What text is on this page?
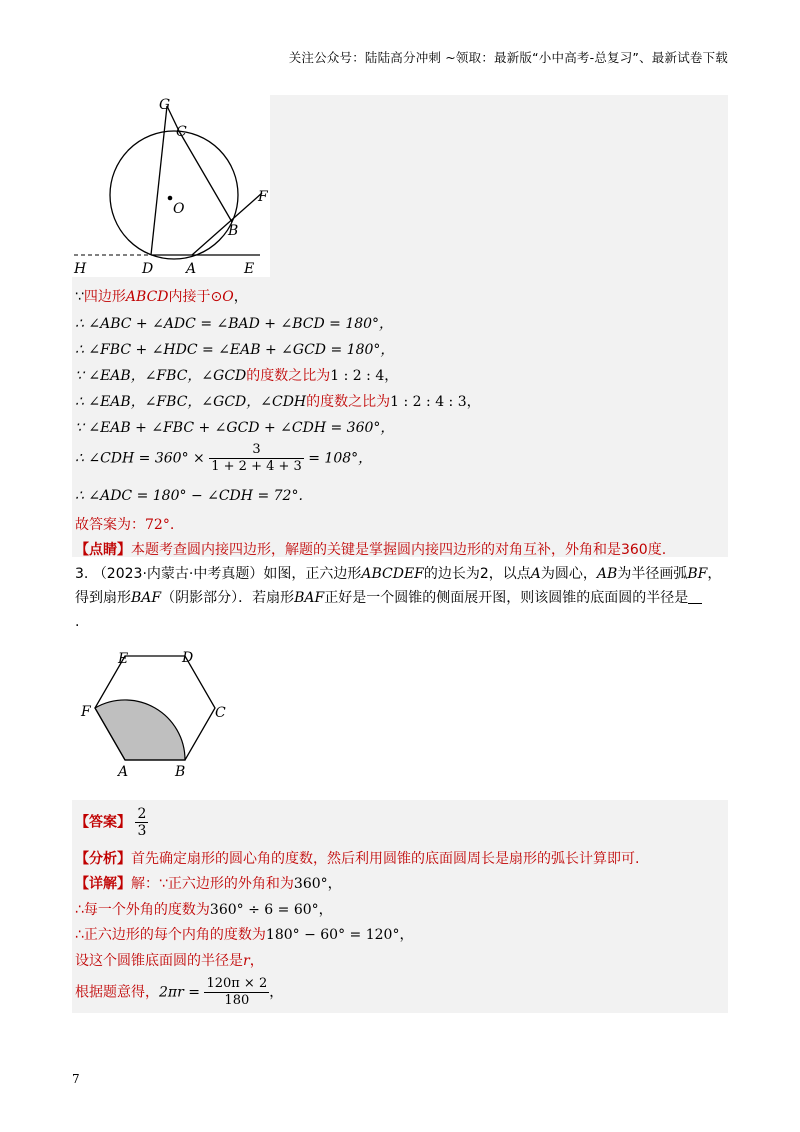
关注公众号：陆陆高分冲刺 ~领取：最新版“小中高考-总复习”、最新试卷下载
G
C
O
F
B
H	D A	E
∵四边形ABCD内接于⊙O，
∴ ∠ABC + ∠ADC = ∠BAD + ∠BCD = 180°，
∴ ∠FBC + ∠HDC = ∠EAB + ∠GCD = 180°，
∵ ∠EAB，∠FBC，∠GCD的度数之比为1 : 2 : 4，
∴ ∠EAB，∠FBC，∠GCD，∠CDH的度数之比为1 : 2 : 4 : 3，
∵ ∠EAB + ∠FBC + ∠GCD + ∠CDH = 360°，
∴ ∠CDH = $360^\circ \times \frac{3}{1 + 2 + 4 + 3} = 108^\circ$，
∴ ∠ADC = 180° − ∠CDH = 72°.
故答案为：72°.
【点睛】本题考查圆内接四边形，解题的关键是掌握圆内接四边形的对角互补，外角和是360度.
3. （2023·内蒙古·中考真题）如图，正六边形ABCDEF的边长为2，以点A为圆心，AB为半径画弧BF，得到扇形BAF（阴影部分）．若扇形BAF正好是一个圆锥的侧面展开图，则该圆锥的底面圆的半径是
.
E	D
F	C
A	B
【答案】 $\frac{2}{3}$
【分析】首先确定扇形的圆心角的度数，然后利用圆锥的底面圆周长是扇形的弧长计算即可.
【详解】解：∵正六边形的外角和为360°，
∴每一个外角的度数为360° ÷ 6 = 60°，
∴正六边形的每个内角的度数为180° − 60° = 120°，
设这个圆锥底面圆的半径是r，
根据题意得，$2\pi r = \frac{120\pi \times 2}{180}$ ，
7
